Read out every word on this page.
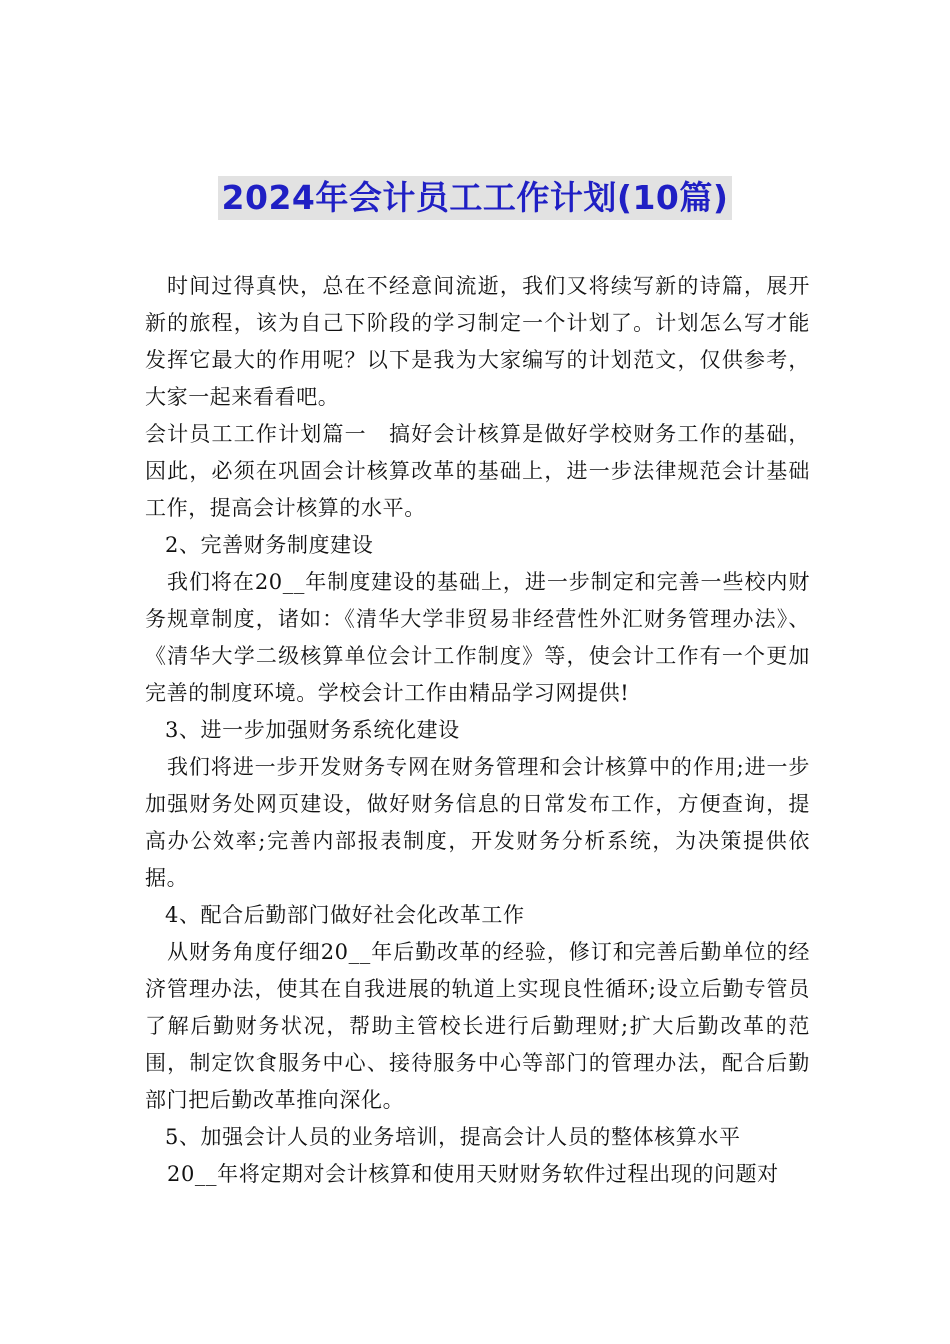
2024年会计员工工作计划(10篇)

时间过得真快，总在不经意间流逝，我们又将续写新的诗篇，展开新的旅程，该为自己下阶段的学习制定一个计划了。计划怎么写才能发挥它最大的作用呢？以下是我为大家编写的计划范文，仅供参考，大家一起来看看吧。

会计员工工作计划篇一　搞好会计核算是做好学校财务工作的基础，因此，必须在巩固会计核算改革的基础上，进一步法律规范会计基础工作，提高会计核算的水平。

2、完善财务制度建设

我们将在20__年制度建设的基础上，进一步制定和完善一些校内财务规章制度，诸如：《清华大学非贸易非经营性外汇财务管理办法》、《清华大学二级核算单位会计工作制度》等，使会计工作有一个更加完善的制度环境。学校会计工作由精品学习网提供!

3、进一步加强财务系统化建设

我们将进一步开发财务专网在财务管理和会计核算中的作用;进一步加强财务处网页建设，做好财务信息的日常发布工作，方便查询，提高办公效率;完善内部报表制度，开发财务分析系统，为决策提供依据。

4、配合后勤部门做好社会化改革工作

从财务角度仔细20__年后勤改革的经验，修订和完善后勤单位的经济管理办法，使其在自我进展的轨道上实现良性循环;设立后勤专管员了解后勤财务状况，帮助主管校长进行后勤理财;扩大后勤改革的范围，制定饮食服务中心、接待服务中心等部门的管理办法，配合后勤部门把后勤改革推向深化。

5、加强会计人员的业务培训，提高会计人员的整体核算水平

20__年将定期对会计核算和使用天财财务软件过程出现的问题对
